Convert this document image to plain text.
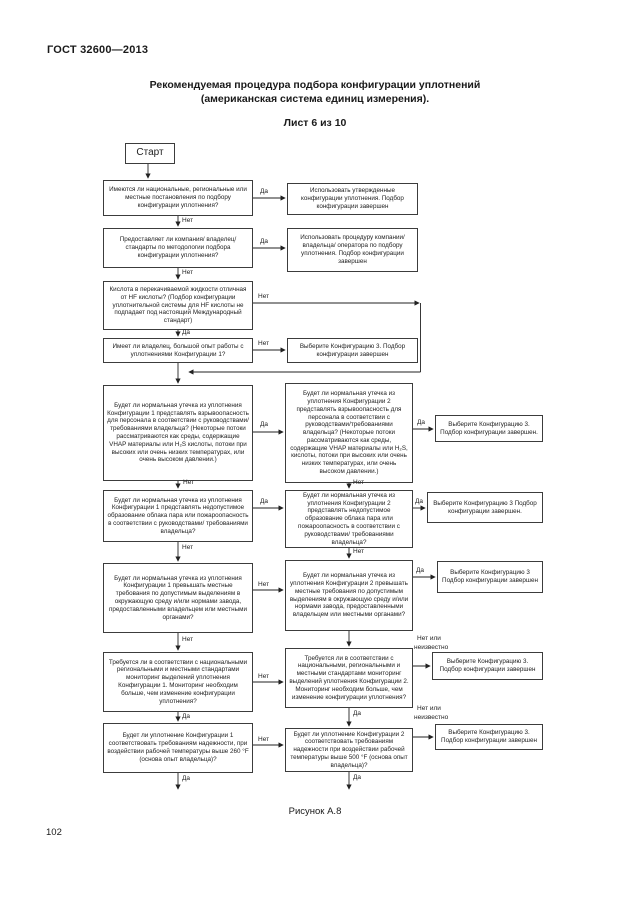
ГОСТ 32600—2013
Рекомендуемая процедура подбора конфигурации уплотнений
(американская система единиц измерения).
Лист 6 из 10
Старт
Имеются ли национальные, региональные или местные постановления по подбору конфигурации уплотнения?
Использовать утвержденные конфигурации уплотнения. Подбор конфигурации завершен
Предоставляет ли компания/ владелец/ стандарты по методологии подбора конфигурации уплотнения?
Использовать процедуру компании/ владельца/ оператора по подбору уплотнения. Подбор конфигурации завершен
Кислота в перекачиваемой жидкости отличная от HF кислоты? (Подбор конфигурации уплотнительной системы для HF кислоты не подпадает под настоящий Международный стандарт)
Имеет ли владелец, большой опыт работы с уплотнениями Конфигурации 1?
Выберите Конфигурацию 3. Подбор конфигурации завершен
Будет ли нормальная утечка из уплотнения Конфигурации 1 представлять взрывоопасность для персонала в соответствии с руководствами/ требованиями владельца? (Некоторые потоки рассматриваются как среды, содержащие VHAP материалы или H₂S кислоты, потоки при высоких или очень низких температурах, или очень высоком давлении.)
Будет ли нормальная утечка из уплотнения Конфигурации 2 представлять взрывоопасность для персонала в соответствии с руководствами/требованиями владельца? (Некоторые потоки рассматриваются как среды, содержащие VHAP материалы или H₂S, кислоты, потоки при высоких или очень низких температурах, или очень высоком давлении.)
Выберите Конфигурацию 3. Подбор конфигурации завершен.
Будет ли нормальная утечка из уплотнения Конфигурации 1 представлять недопустимое образование облака пара или пожароопасность в соответствии с руководствами/ требованиями владельца?
Будет ли нормальная утечка из уплотнения Конфигурации 2 представлять недопустимое образование облака пара или пожароопасность в соответствии с руководствами/ требованиями владельца?
Выберите Конфигурацию 3 Подбор конфигурации завершен.
Будет ли нормальная утечка из уплотнения Конфигурации 1 превышать местные требования по допустимым выделениям в окружающую среду и/или нормами завода, предоставленными владельцем или местными органами?
Будет ли нормальная утечка из уплотнения Конфигурации 2 превышать местные требования по допустимым выделениям в окружающую среду и/или нормами завода, предоставленными владельцем или местными органами?
Выберите Конфигурацию 3 Подбор конфигурации завершен
Требуется ли в соответствии с национальными региональными и местными стандартами мониторинг выделений уплотнения Конфигурации 1. Мониторинг необходим больше, чем изменение конфигурации уплотнения?
Требуется ли в соответствии с национальными, региональными и местными стандартами мониторинг выделений уплотнения Конфигурации 2. Мониторинг необходим больше, чем изменение конфигурации уплотнения?
Выберите Конфигурацию 3. Подбор конфигурации завершен
Будет ли уплотнение Конфигурации 1 соответствовать требованиям надежности, при воздействии рабочей температуры выше 260 °F (основа опыт владельца)?
Будет ли уплотнение Конфигурации 2 соответствовать требованиям надежности при воздействии рабочей температуры выше 500 °F (основа опыт владельца)?
Выберите Конфигурацию 3. Подбор конфигурации завершен
Да
Нет
Да
Нет
Нет
Да
Нет
Да	Да
Нет	Нет
Да	Да
Нет
Нет
Нет
Да
Нет	Нет или
неизвестно
Нет
Да	Да
Нет или
неизвестно
Нет
Да	Да
Рисунок А.8
102
